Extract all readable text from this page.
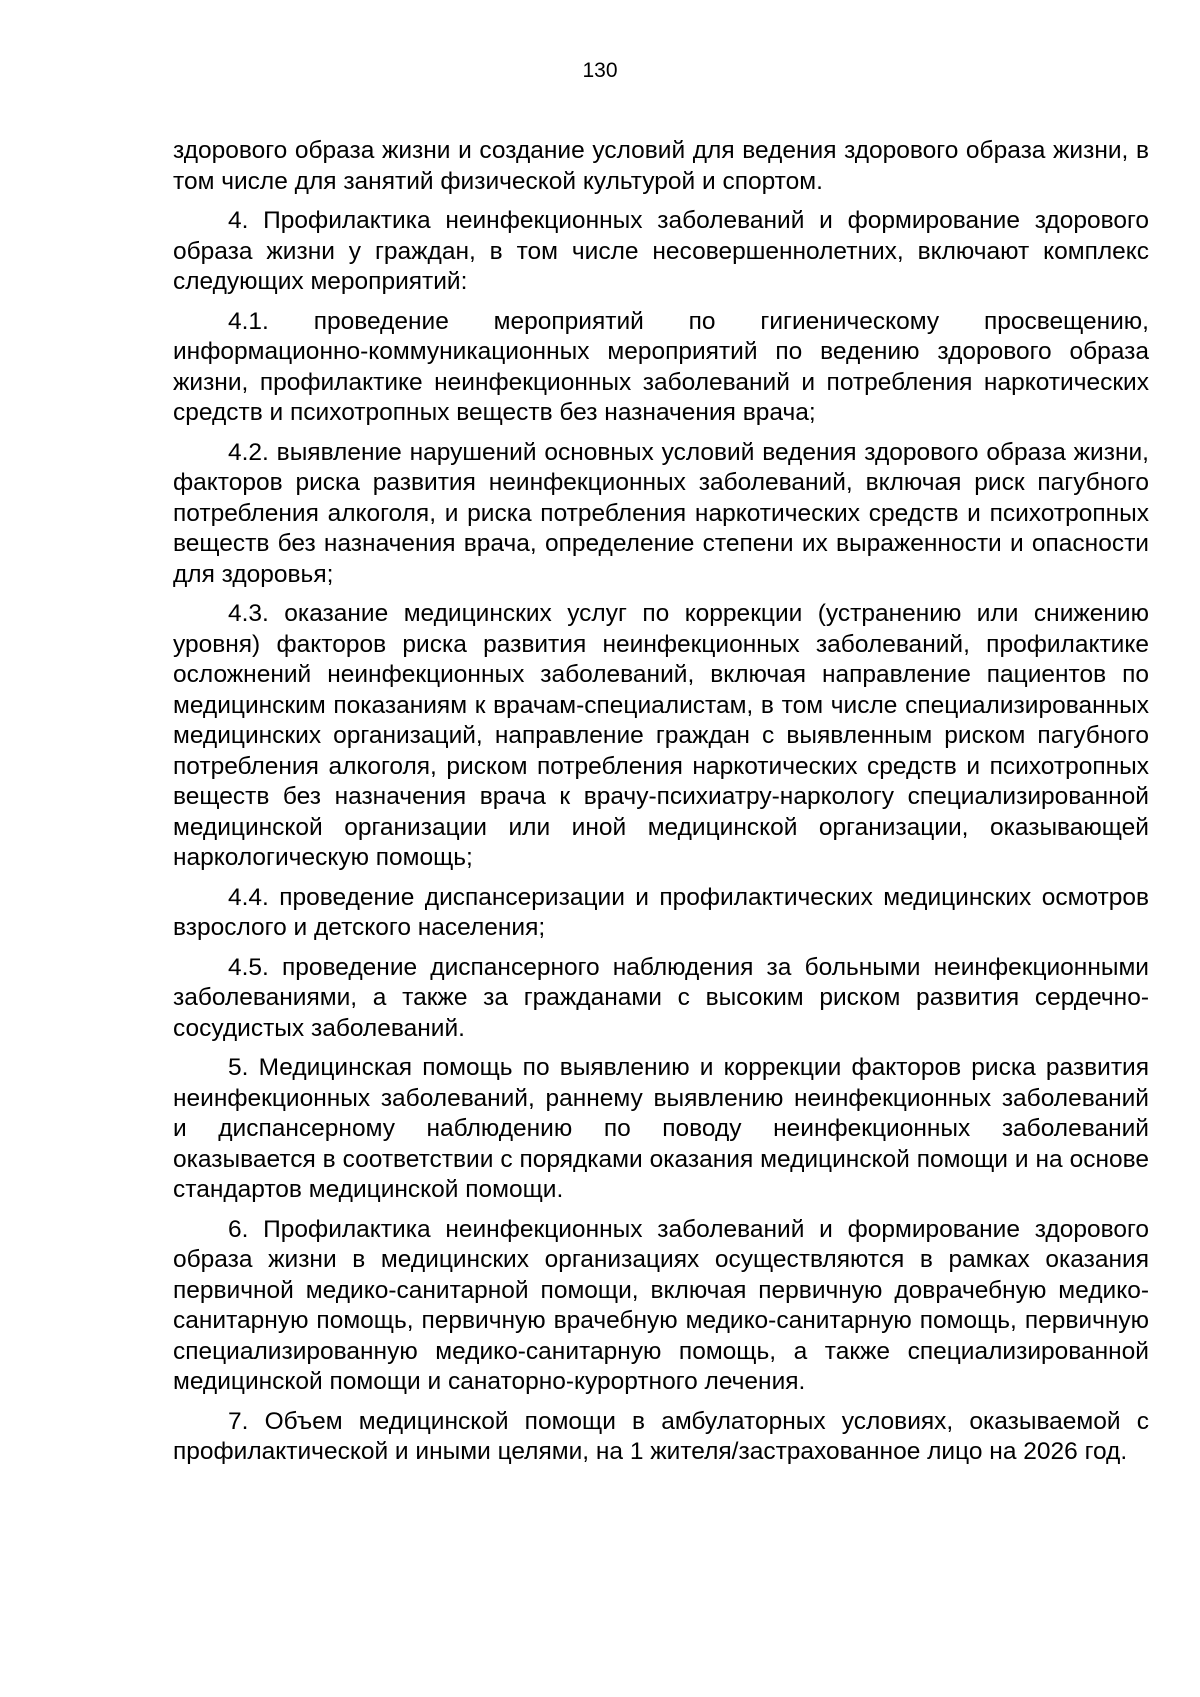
130

здорового образа жизни и создание условий для ведения здорового образа жизни, в том числе для занятий физической культурой и спортом.

4. Профилактика неинфекционных заболеваний и формирование здорового образа жизни у граждан, в том числе несовершеннолетних, включают комплекс следующих мероприятий:

4.1. проведение мероприятий по гигиеническому просвещению, информационно-коммуникационных мероприятий по ведению здорового образа жизни, профилактике неинфекционных заболеваний и потребления наркотических средств и психотропных веществ без назначения врача;

4.2. выявление нарушений основных условий ведения здорового образа жизни, факторов риска развития неинфекционных заболеваний, включая риск пагубного потребления алкоголя, и риска потребления наркотических средств и психотропных веществ без назначения врача, определение степени их выраженности и опасности для здоровья;

4.3. оказание медицинских услуг по коррекции (устранению или снижению уровня) факторов риска развития неинфекционных заболеваний, профилактике осложнений неинфекционных заболеваний, включая направление пациентов по медицинским показаниям к врачам-специалистам, в том числе специализированных медицинских организаций, направление граждан с выявленным риском пагубного потребления алкоголя, риском потребления наркотических средств и психотропных веществ без назначения врача к врачу-психиатру-наркологу специализированной медицинской организации или иной медицинской организации, оказывающей наркологическую помощь;

4.4. проведение диспансеризации и профилактических медицинских осмотров взрослого и детского населения;

4.5. проведение диспансерного наблюдения за больными неинфекционными заболеваниями, а также за гражданами с высоким риском развития сердечно-сосудистых заболеваний.

5. Медицинская помощь по выявлению и коррекции факторов риска развития неинфекционных заболеваний, раннему выявлению неинфекционных заболеваний и диспансерному наблюдению по поводу неинфекционных заболеваний оказывается в соответствии с порядками оказания медицинской помощи и на основе стандартов медицинской помощи.

6. Профилактика неинфекционных заболеваний и формирование здорового образа жизни в медицинских организациях осуществляются в рамках оказания первичной медико-санитарной помощи, включая первичную доврачебную медико-санитарную помощь, первичную врачебную медико-санитарную помощь, первичную специализированную медико-санитарную помощь, а также специализированной медицинской помощи и санаторно-курортного лечения.

7. Объем медицинской помощи в амбулаторных условиях, оказываемой с профилактической и иными целями, на 1 жителя/застрахованное лицо на 2026 год.
